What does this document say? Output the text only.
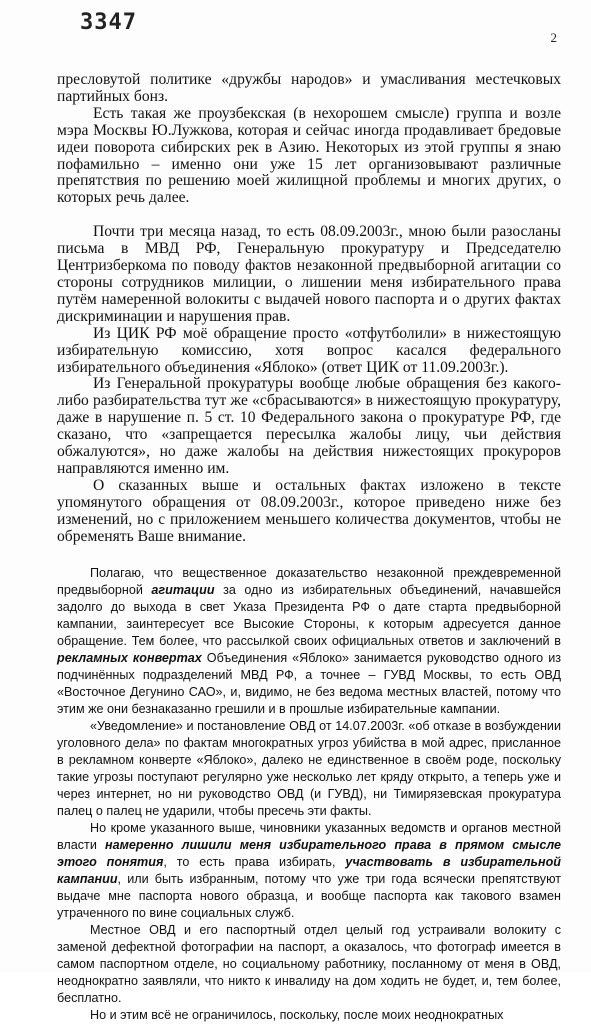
3347
2

пресловутой политике «дружбы народов» и умасливания местечковых партийных бонз.

Есть такая же проузбекская (в нехорошем смысле) группа и возле мэра Москвы Ю.Лужкова, которая и сейчас иногда продавливает бредовые идеи поворота сибирских рек в Азию. Некоторых из этой группы я знаю пофамильно – именно они уже 15 лет организовывают различные препятствия по решению моей жилищной проблемы и многих других, о которых речь далее.

Почти три месяца назад, то есть 08.09.2003г., мною были разосланы письма в МВД РФ, Генеральную прокуратуру и Председателю Центризберкома по поводу фактов незаконной предвыборной агитации со стороны сотрудников милиции, о лишении меня избирательного права путём намеренной волокиты с выдачей нового паспорта и о других фактах дискриминации и нарушения прав.

Из ЦИК РФ моё обращение просто «отфутболили» в нижестоящую избирательную комиссию, хотя вопрос касался федерального избирательного объединения «Яблоко» (ответ ЦИК от 11.09.2003г.).

Из Генеральной прокуратуры вообще любые обращения без какого-либо разбирательства тут же «сбрасываются» в нижестоящую прокуратуру, даже в нарушение п. 5 ст. 10 Федерального закона о прокуратуре РФ, где сказано, что «запрещается пересылка жалобы лицу, чьи действия обжалуются», но даже жалобы на действия нижестоящих прокуроров направляются именно им.

О сказанных выше и остальных фактах изложено в тексте упомянутого обращения от 08.09.2003г., которое приведено ниже без изменений, но с приложением меньшего количества документов, чтобы не обременять Ваше внимание.

Полагаю, что вещественное доказательство незаконной преждевременной предвыборной агитации за одно из избирательных объединений, начавшейся задолго до выхода в свет Указа Президента РФ о дате старта предвыборной кампании, заинтересует все Высокие Стороны, к которым адресуется данное обращение. Тем более, что рассылкой своих официальных ответов и заключений в рекламных конвертах Объединения «Яблоко» занимается руководство одного из подчинённых подразделений МВД РФ, а точнее – ГУВД Москвы, то есть ОВД «Восточное Дегунино САО», и, видимо, не без ведома местных властей, потому что этим же они безнаказанно грешили и в прошлые избирательные кампании.

«Уведомление» и постановление ОВД от 14.07.2003г. «об отказе в возбуждении уголовного дела» по фактам многократных угроз убийства в мой адрес, присланное в рекламном конверте «Яблоко», далеко не единственное в своём роде, поскольку такие угрозы поступают регулярно уже несколько лет кряду открыто, а теперь уже и через интернет, но ни руководство ОВД (и ГУВД), ни Тимирязевская прокуратура палец о палец не ударили, чтобы пресечь эти факты.

Но кроме указанного выше, чиновники указанных ведомств и органов местной власти намеренно лишили меня избирательного права в прямом смысле этого понятия, то есть права избирать, участвовать в избирательной кампании, или быть избранным, потому что уже три года всячески препятствуют выдаче мне паспорта нового образца, и вообще паспорта как такового взамен утраченного по вине социальных служб.

Местное ОВД и его паспортный отдел целый год устраивали волокиту с заменой дефектной фотографии на паспорт, а оказалось, что фотограф имеется в самом паспортном отделе, но социальному работнику, посланному от меня в ОВД, неоднократно заявляли, что никто к инвалиду на дом ходить не будет, и, тем более, бесплатно.

Но и этим всё не ограничилось, поскольку, после моих неоднократных
